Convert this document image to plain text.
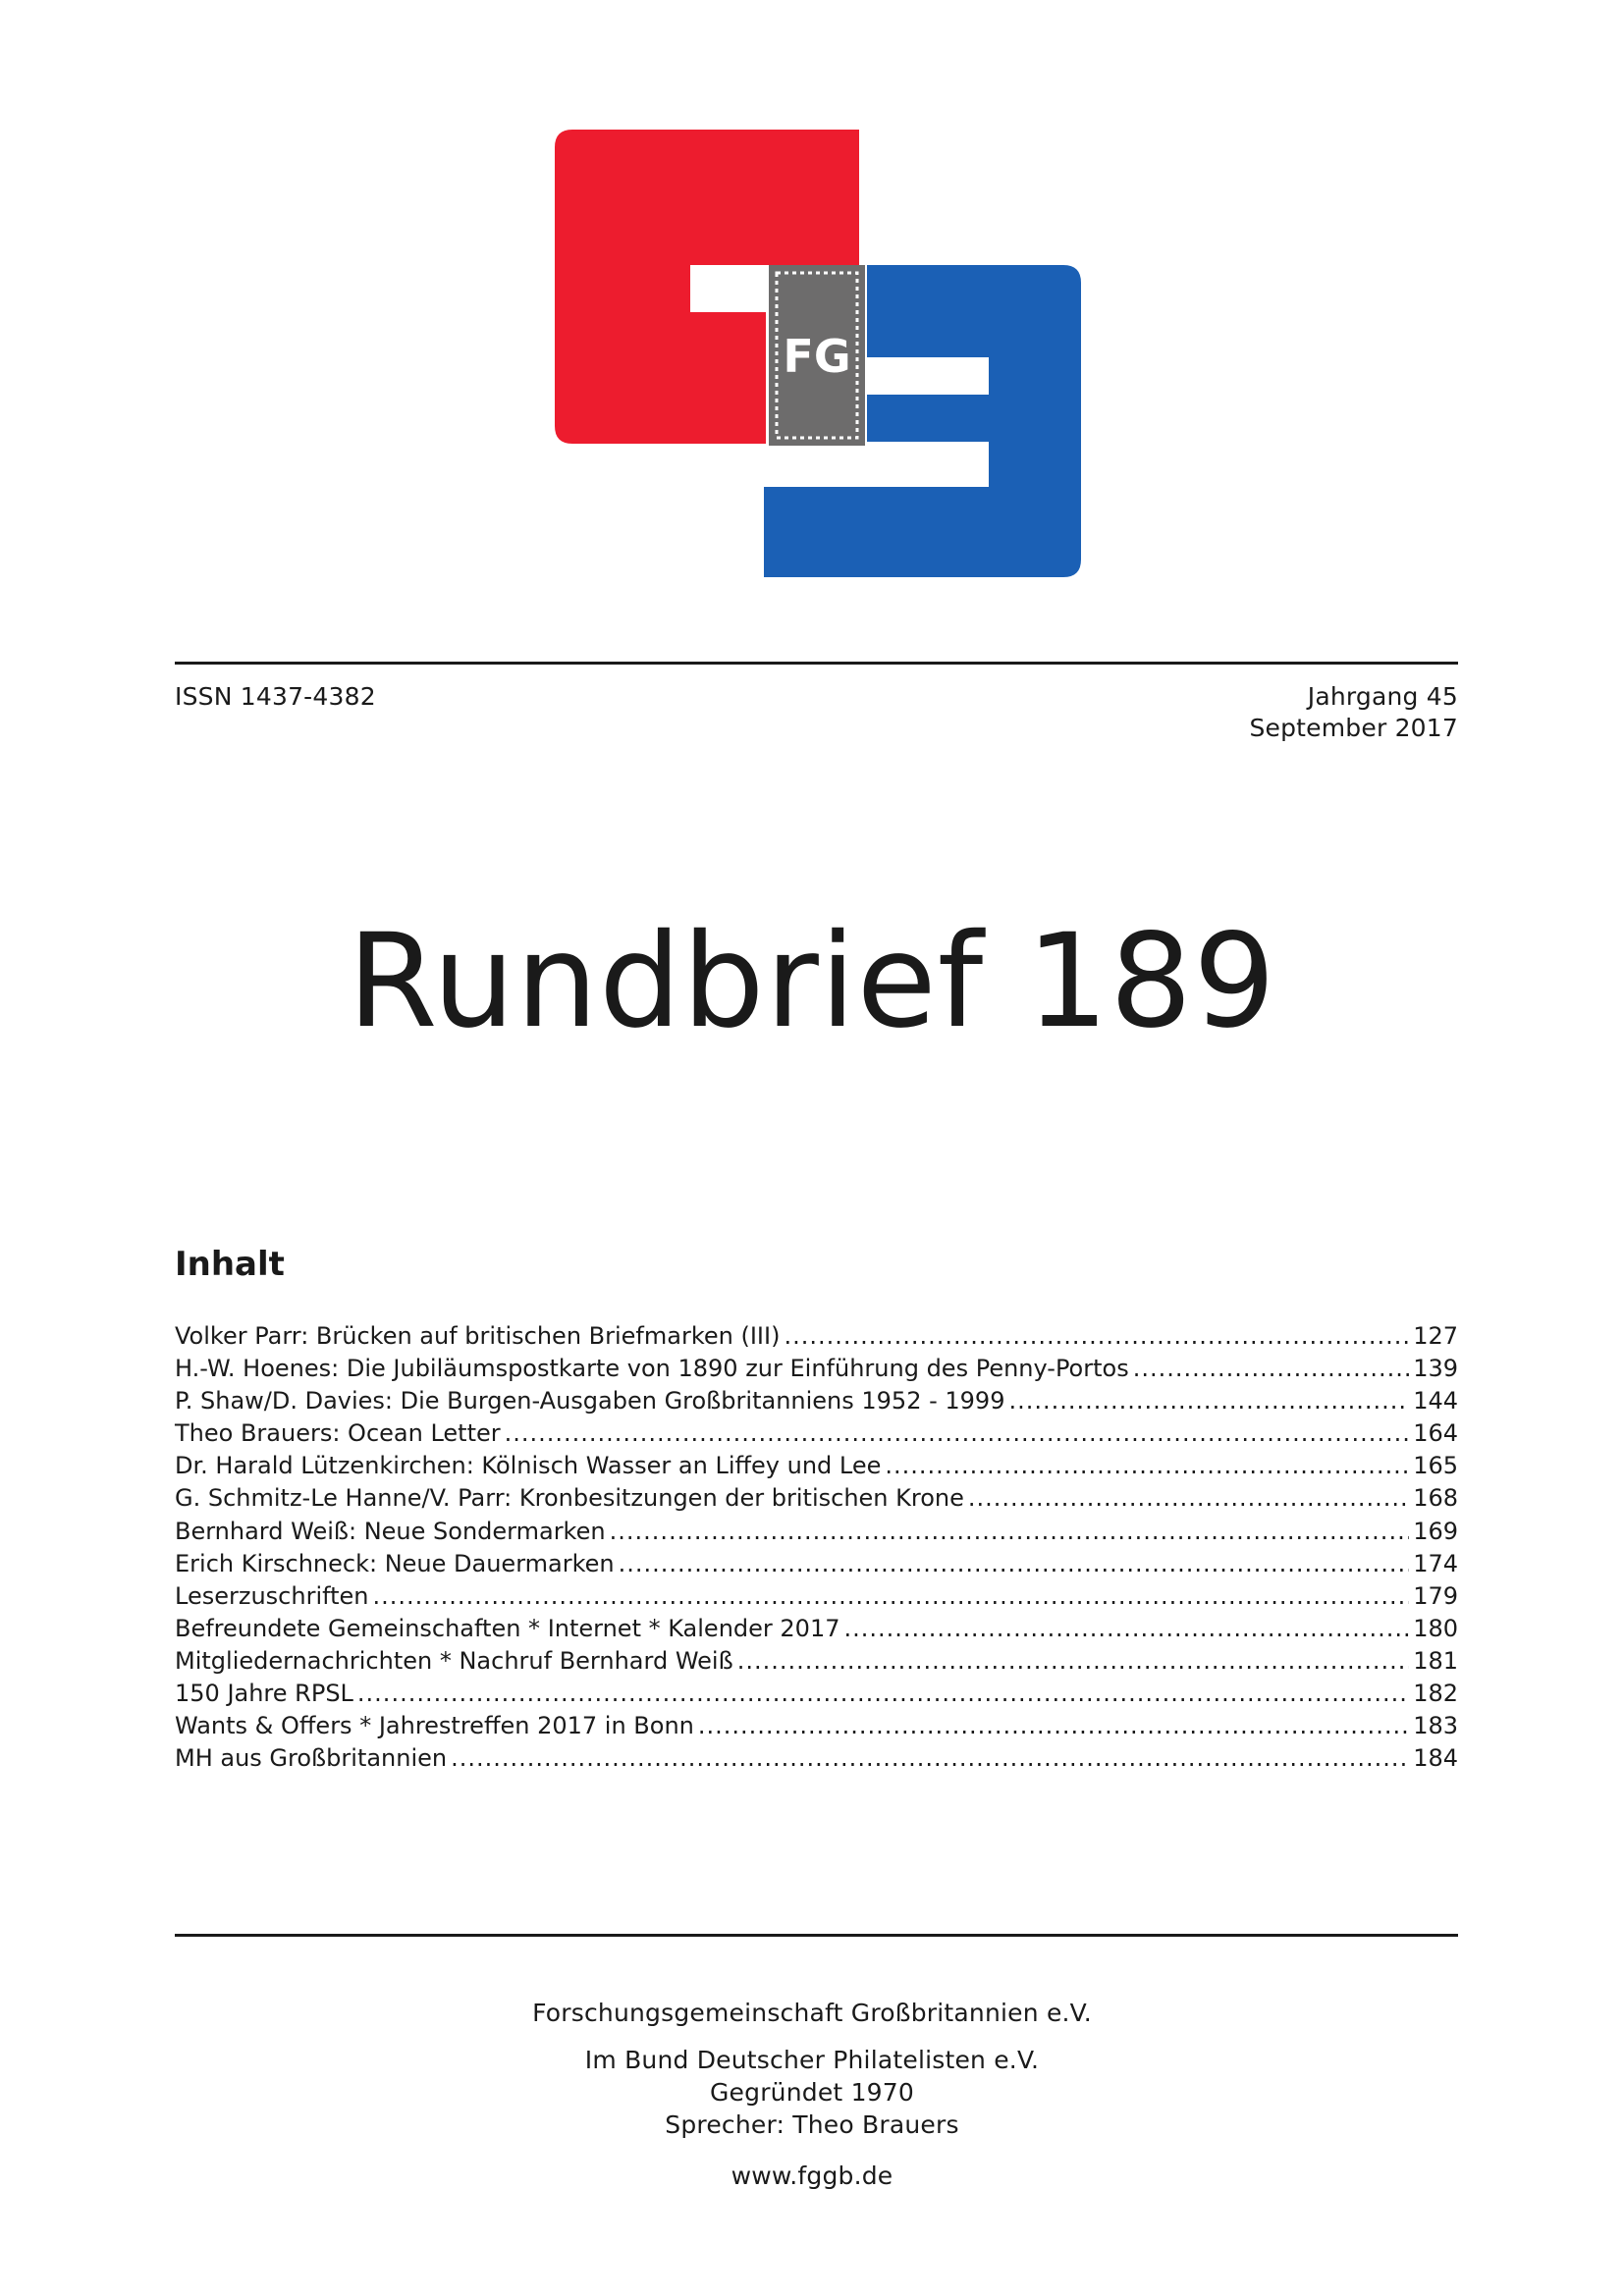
FG
ISSN 1437-4382	Jahrgang 45
September 2017
Rundbrief 189
Inhalt
Volker Parr: Brücken auf britischen Briefmarken (III) .....	127
H.-W. Hoenes: Die Jubiläumspostkarte von 1890 zur Einführung des Penny-Portos .....	139
P. Shaw/D. Davies: Die Burgen-Ausgaben Großbritanniens 1952 - 1999 .....	144
Theo Brauers: Ocean Letter .....	164
Dr. Harald Lützenkirchen: Kölnisch Wasser an Liffey und Lee .....	165
G. Schmitz-Le Hanne/V. Parr: Kronbesitzungen der britischen Krone .....	168
Bernhard Weiß: Neue Sondermarken .....	169
Erich Kirschneck: Neue Dauermarken .....	174
Leserzuschriften .....	179
Befreundete Gemeinschaften * Internet * Kalender 2017 .....	180
Mitgliedernachrichten * Nachruf Bernhard Weiß .....	181
150 Jahre RPSL .....	182
Wants & Offers * Jahrestreffen 2017 in Bonn .....	183
MH aus Großbritannien .....	184
Forschungsgemeinschaft Großbritannien e.V.
Im Bund Deutscher Philatelisten e.V.
Gegründet 1970
Sprecher: Theo Brauers
www.fggb.de
